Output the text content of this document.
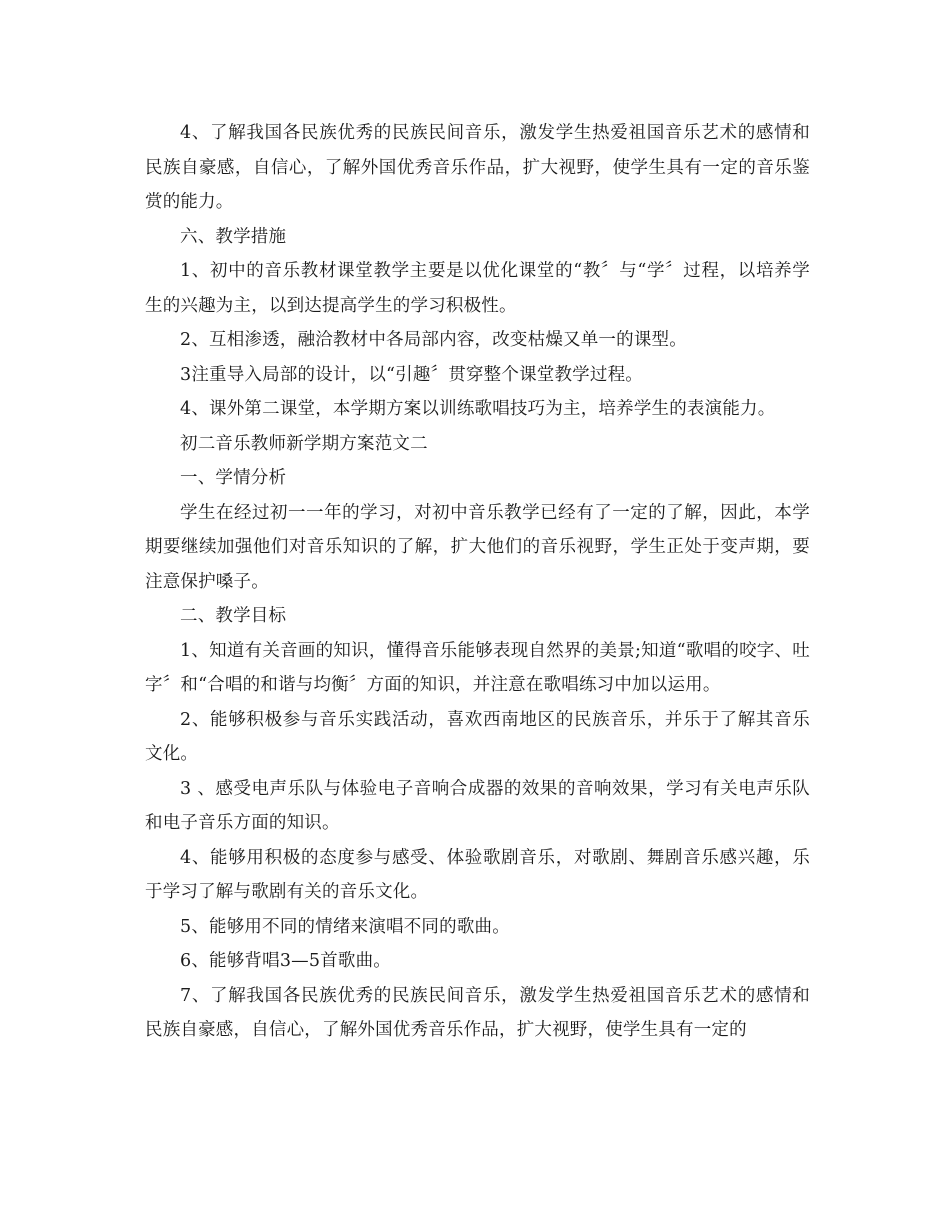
4、了解我国各民族优秀的民族民间音乐，激发学生热爱祖国音乐艺术的感情和民族自豪感，自信心，了解外国优秀音乐作品，扩大视野，使学生具有一定的音乐鉴赏的能力。

六、教学措施

1、初中的音乐教材课堂教学主要是以优化课堂的“教〞与“学〞过程，以培养学生的兴趣为主，以到达提高学生的学习积极性。

2、互相渗透，融洽教材中各局部内容，改变枯燥又单一的课型。

3注重导入局部的设计，以“引趣〞贯穿整个课堂教学过程。

4、课外第二课堂，本学期方案以训练歌唱技巧为主，培养学生的表演能力。

初二音乐教师新学期方案范文二

一、学情分析

学生在经过初一一年的学习，对初中音乐教学已经有了一定的了解，因此，本学期要继续加强他们对音乐知识的了解，扩大他们的音乐视野，学生正处于变声期，要注意保护嗓子。

二、教学目标

1、知道有关音画的知识，懂得音乐能够表现自然界的美景;知道“歌唱的咬字、吐字〞和“合唱的和谐与均衡〞方面的知识，并注意在歌唱练习中加以运用。

2、能够积极参与音乐实践活动，喜欢西南地区的民族音乐，并乐于了解其音乐文化。

3 、感受电声乐队与体验电子音响合成器的效果的音响效果，学习有关电声乐队和电子音乐方面的知识。

4、能够用积极的态度参与感受、体验歌剧音乐，对歌剧、舞剧音乐感兴趣，乐于学习了解与歌剧有关的音乐文化。

5、能够用不同的情绪来演唱不同的歌曲。

6、能够背唱3—5首歌曲。

7、了解我国各民族优秀的民族民间音乐，激发学生热爱祖国音乐艺术的感情和民族自豪感，自信心，了解外国优秀音乐作品，扩大视野，使学生具有一定的
